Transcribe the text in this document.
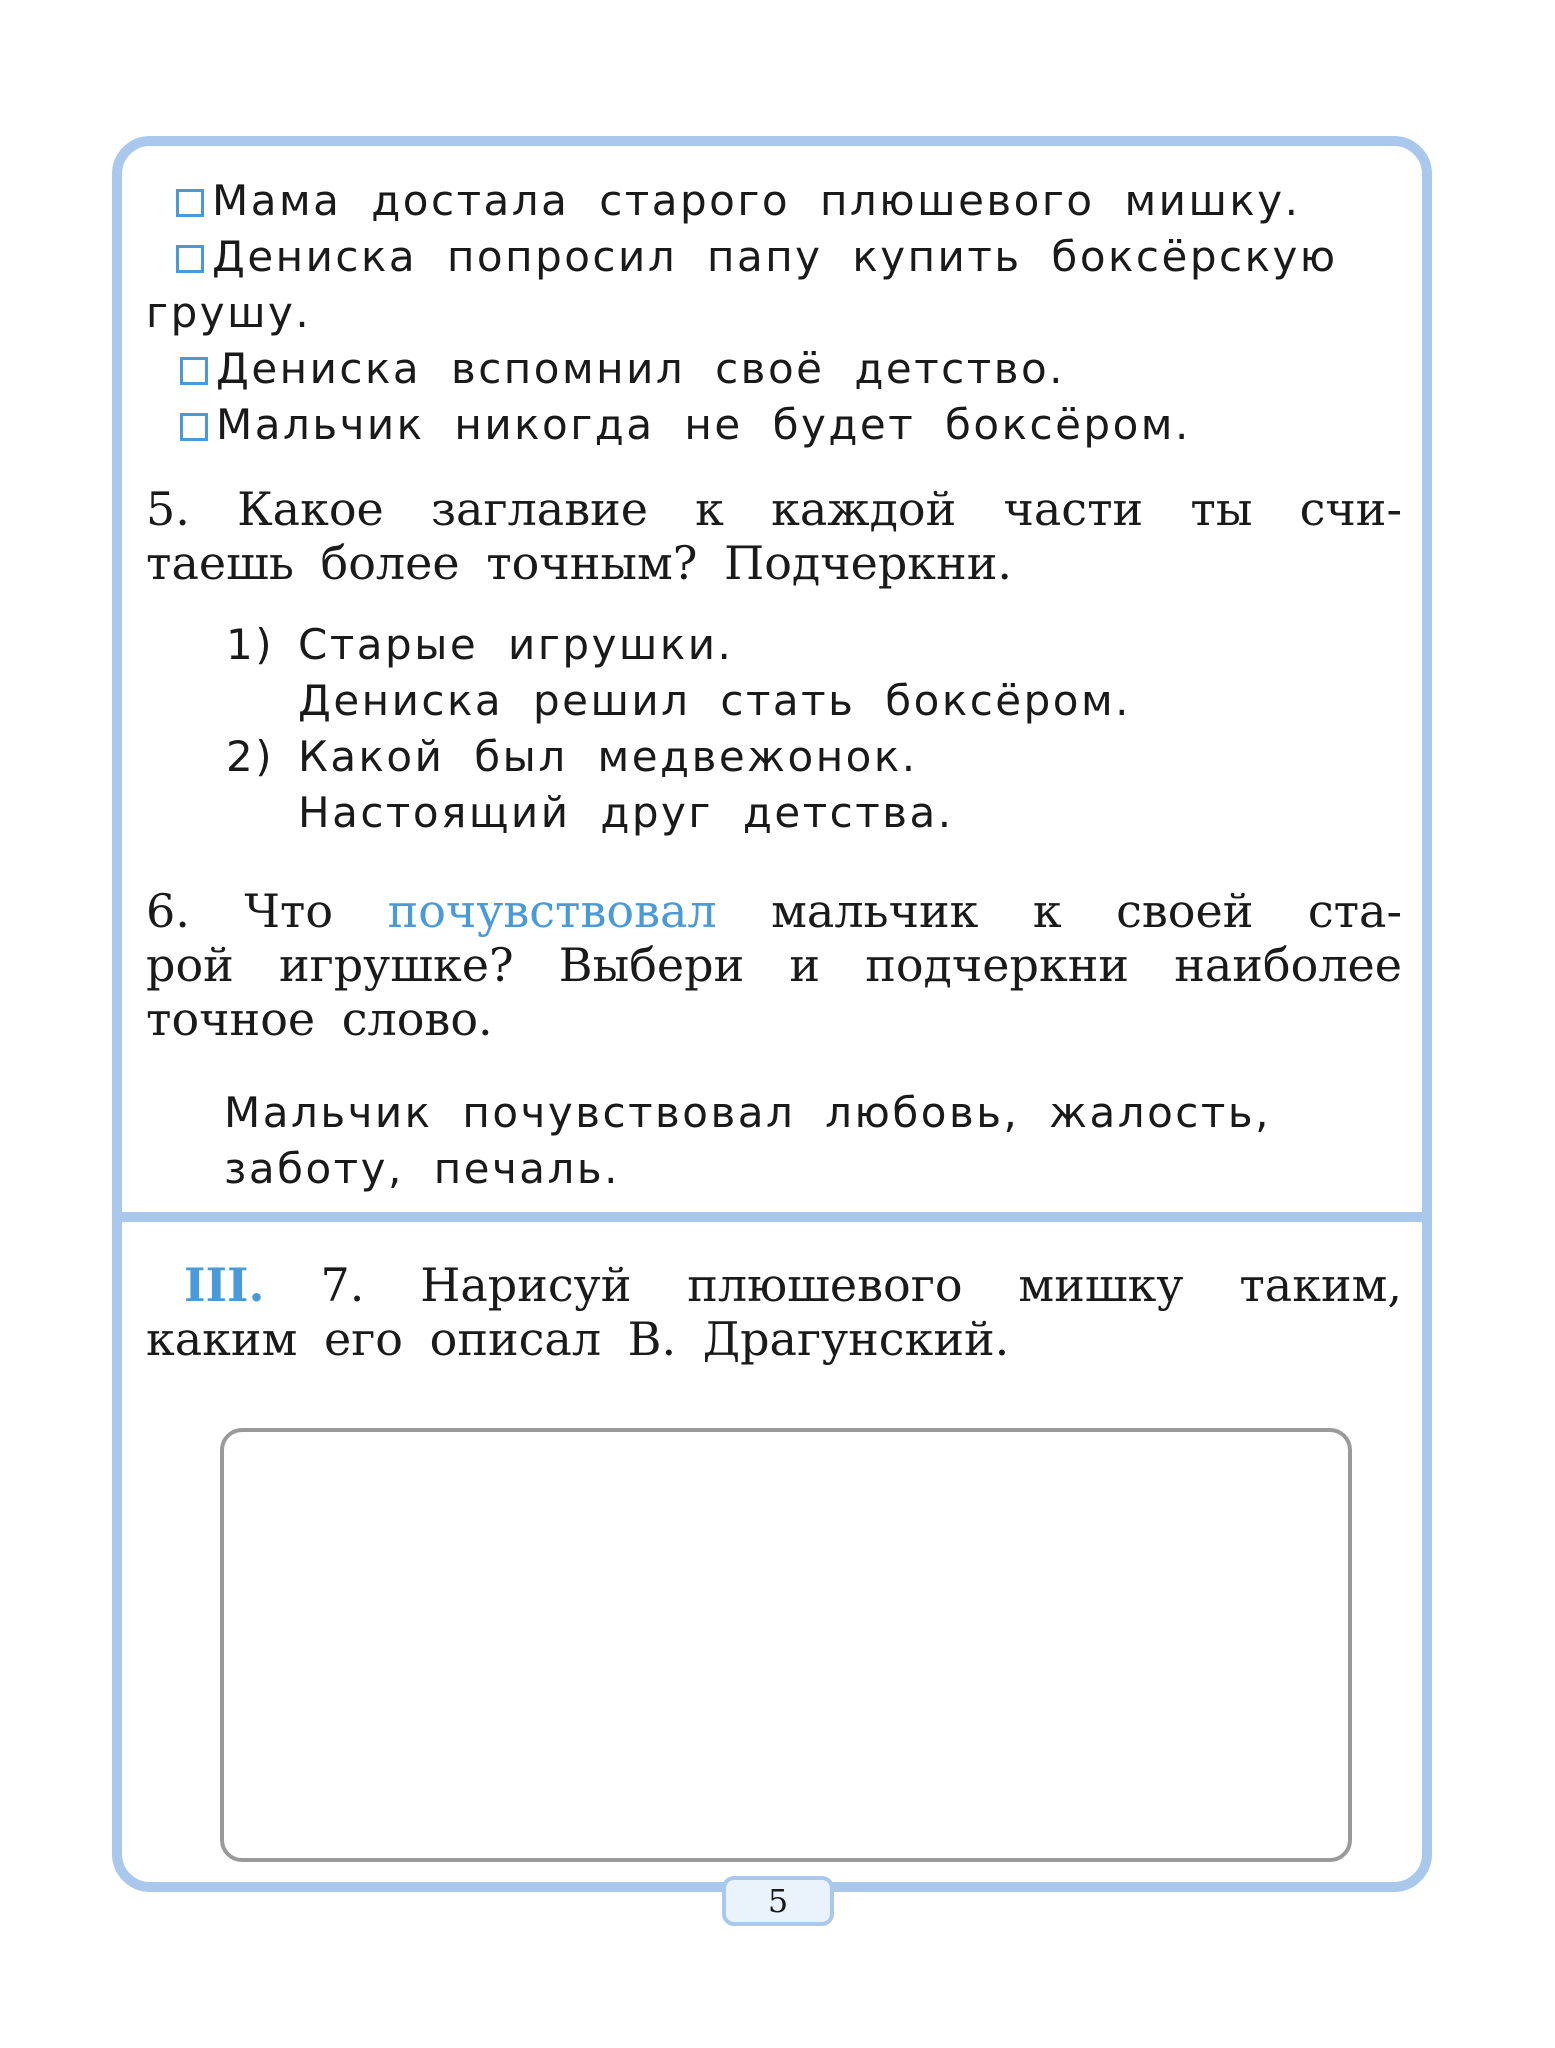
Мама достала старого плюшевого мишку.
Дениска попросил папу купить боксёрскую
грушу.
Дениска вспомнил своё детство.
Мальчик никогда не будет боксёром.
5. Какое заглавие к каждой части ты счи-
таешь более точным? Подчеркни.
1) Старые игрушки.
Дениска решил стать боксёром.
2) Какой был медвежонок.
Настоящий друг детства.
6. Что почувствовал мальчик к своей ста-
рой игрушке? Выбери и подчеркни наиболее
точное слово.
Мальчик почувствовал любовь, жалость,
заботу, печаль.
III. 7. Нарисуй плюшевого мишку таким,
каким его описал В. Драгунский.
5
